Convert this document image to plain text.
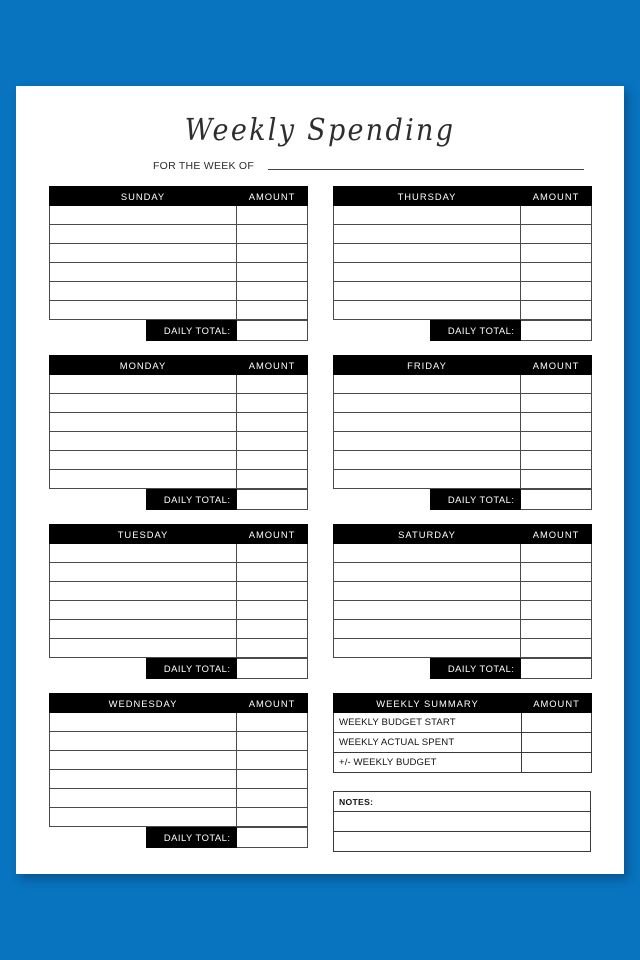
Weekly Spending
FOR THE WEEK OF
SUNDAY	AMOUNT

	DAILY TOTAL:	
THURSDAY	AMOUNT

	DAILY TOTAL:	
MONDAY	AMOUNT

	DAILY TOTAL:	
FRIDAY	AMOUNT

	DAILY TOTAL:	
TUESDAY	AMOUNT

	DAILY TOTAL:	
SATURDAY	AMOUNT

	DAILY TOTAL:	
WEDNESDAY	AMOUNT

	DAILY TOTAL:	
WEEKLY SUMMARY	AMOUNT
WEEKLY BUDGET START	
WEEKLY ACTUAL SPENT	
+/- WEEKLY BUDGET	
NOTES:
